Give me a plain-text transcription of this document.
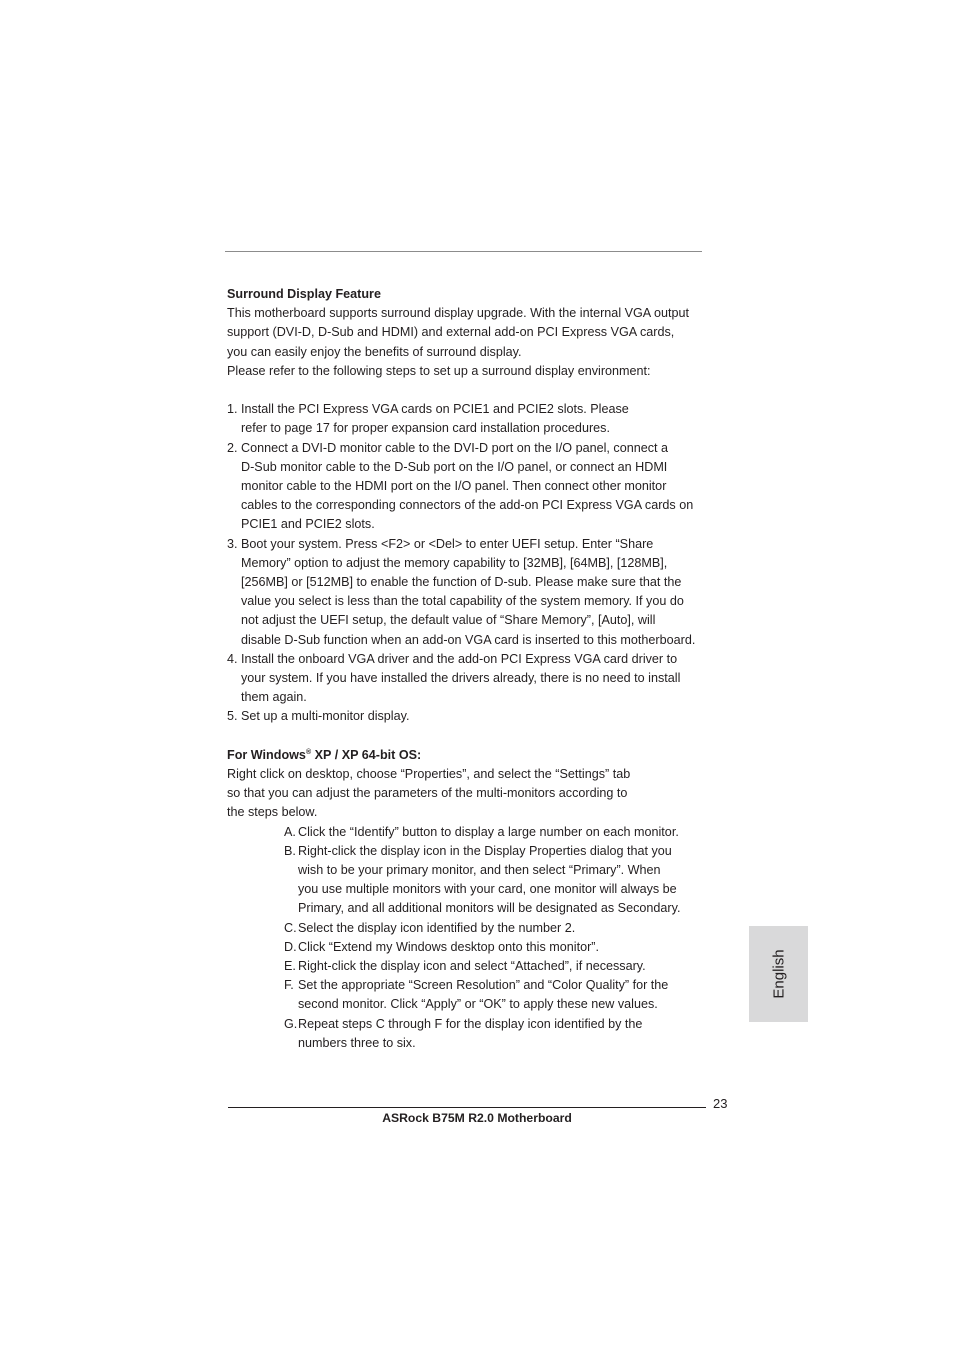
Surround Display Feature

This motherboard supports surround display upgrade. With the internal VGA output

support (DVI-D, D-Sub and HDMI) and external add-on PCI Express VGA cards,

you can easily enjoy the benefits of surround display.

Please refer to the following steps to set up a surround display environment:

1. Install the PCI Express VGA cards on PCIE1 and PCIE2 slots. Please

refer to page 17 for proper expansion card installation procedures.

2. Connect a DVI-D monitor cable to the DVI-D port on the I/O panel, connect a

D-Sub monitor cable to the D-Sub port on the I/O panel, or connect an HDMI

monitor cable to the HDMI port on the I/O panel. Then connect other monitor

cables to the corresponding connectors of the add-on PCI Express VGA cards on

PCIE1 and PCIE2 slots.

3. Boot your system. Press <F2> or <Del> to enter UEFI setup. Enter “Share

Memory” option to adjust the memory capability to [32MB], [64MB], [128MB],

[256MB] or [512MB] to enable the function of D-sub. Please make sure that the

value you select is less than the total capability of the system memory. If you do

not adjust the UEFI setup, the default value of “Share Memory”, [Auto], will

disable D-Sub function when an add-on VGA card is inserted to this motherboard.

4. Install the onboard VGA driver and the add-on PCI Express VGA card driver to

your system. If you have installed the drivers already, there is no need to install

them again.

5. Set up a multi-monitor display.

For Windows® XP / XP 64-bit OS:

Right click on desktop, choose “Properties”, and select the “Settings” tab

so that you can adjust the parameters of the multi-monitors according to

the steps below.

A. Click the “Identify” button to display a large number on each monitor.

B. Right-click the display icon in the Display Properties dialog that you

wish to be your primary monitor, and then select “Primary”. When

you use multiple monitors with your card, one monitor will always be

Primary, and all additional monitors will be designated as Secondary.

C. Select the display icon identified by the number 2.

D. Click “Extend my Windows desktop onto this monitor”.

E. Right-click the display icon and select “Attached”, if necessary.

F. Set the appropriate “Screen Resolution” and “Color Quality” for the

second monitor. Click “Apply” or “OK” to apply these new values.

G. Repeat steps C through F for the display icon identified by the

numbers three to six.

English
23
ASRock B75M R2.0 Motherboard
